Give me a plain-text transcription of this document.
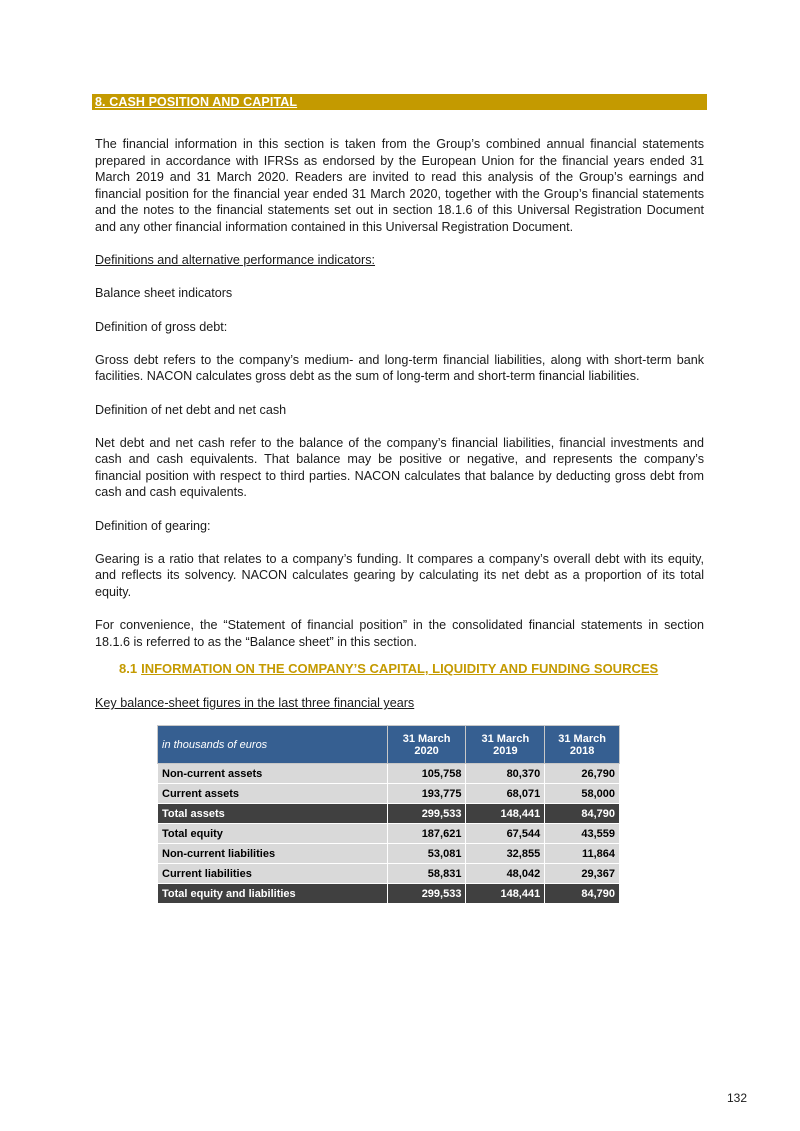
8. CASH POSITION AND CAPITAL

The financial information in this section is taken from the Group’s combined annual financial statements prepared in accordance with IFRSs as endorsed by the European Union for the financial years ended 31 March 2019 and 31 March 2020. Readers are invited to read this analysis of the Group’s earnings and financial position for the financial year ended 31 March 2020, together with the Group’s financial statements and the notes to the financial statements set out in section 18.1.6 of this Universal Registration Document and any other financial information contained in this Universal Registration Document.

Definitions and alternative performance indicators:

Balance sheet indicators

Definition of gross debt:

Gross debt refers to the company’s medium- and long-term financial liabilities, along with short-term bank facilities. NACON calculates gross debt as the sum of long-term and short-term financial liabilities.

Definition of net debt and net cash

Net debt and net cash refer to the balance of the company’s financial liabilities, financial investments and cash and cash equivalents. That balance may be positive or negative, and represents the company’s financial position with respect to third parties. NACON calculates that balance by deducting gross debt from cash and cash equivalents.

Definition of gearing:

Gearing is a ratio that relates to a company’s funding. It compares a company’s overall debt with its equity, and reflects its solvency. NACON calculates gearing by calculating its net debt as a proportion of its total equity.

For convenience, the “Statement of financial position” in the consolidated financial statements in section 18.1.6 is referred to as the “Balance sheet” in this section.

8.1 INFORMATION ON THE COMPANY’S CAPITAL, LIQUIDITY AND FUNDING SOURCES
Key balance-sheet figures in the last three financial years
in thousands of euros	31 March 2020	31 March 2019	31 March 2018
Non-current assets	105,758	80,370	26,790
Current assets	193,775	68,071	58,000
Total assets	299,533	148,441	84,790
Total equity	187,621	67,544	43,559
Non-current liabilities	53,081	32,855	11,864
Current liabilities	58,831	48,042	29,367
Total equity and liabilities	299,533	148,441	84,790
132
